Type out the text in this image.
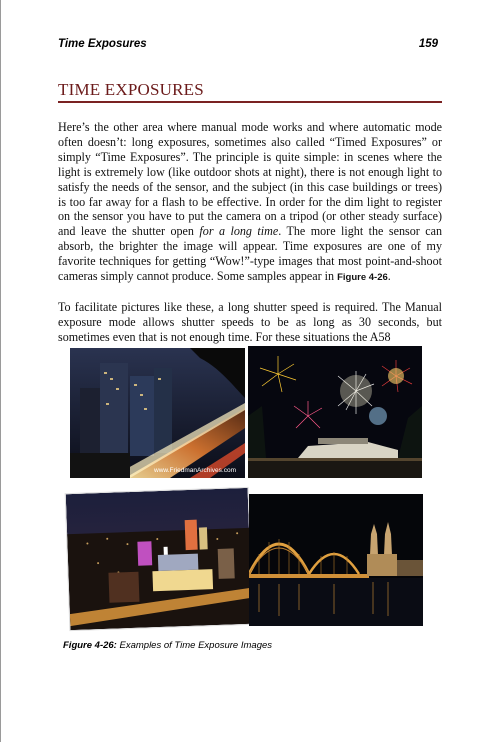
Time Exposures	159
TIME EXPOSURES

Here’s the other area where manual mode works and where automatic mode often doesn’t: long exposures, sometimes also called “Timed Exposures” or simply “Time Exposures”. The principle is quite simple: in scenes where the light is extremely low (like outdoor shots at night), there is not enough light to satisfy the needs of the sensor, and the subject (in this case buildings or trees) is too far away for a flash to be effective. In order for the dim light to register on the sensor you have to put the camera on a tripod (or other steady surface) and leave the shutter open for a long time. The more light the sensor can absorb, the brighter the image will appear. Time exposures are one of my favorite techniques for getting “Wow!”-type images that most point-and-shoot cameras simply cannot produce. Some samples appear in Figure 4-26.

To facilitate pictures like these, a long shutter speed is required. The Manual exposure mode allows shutter speeds to be as long as 30 seconds, but sometimes even that is not enough time. For these situations the A58

www.FriedmanArchives.com
Figure 4-26: Examples of Time Exposure Images
